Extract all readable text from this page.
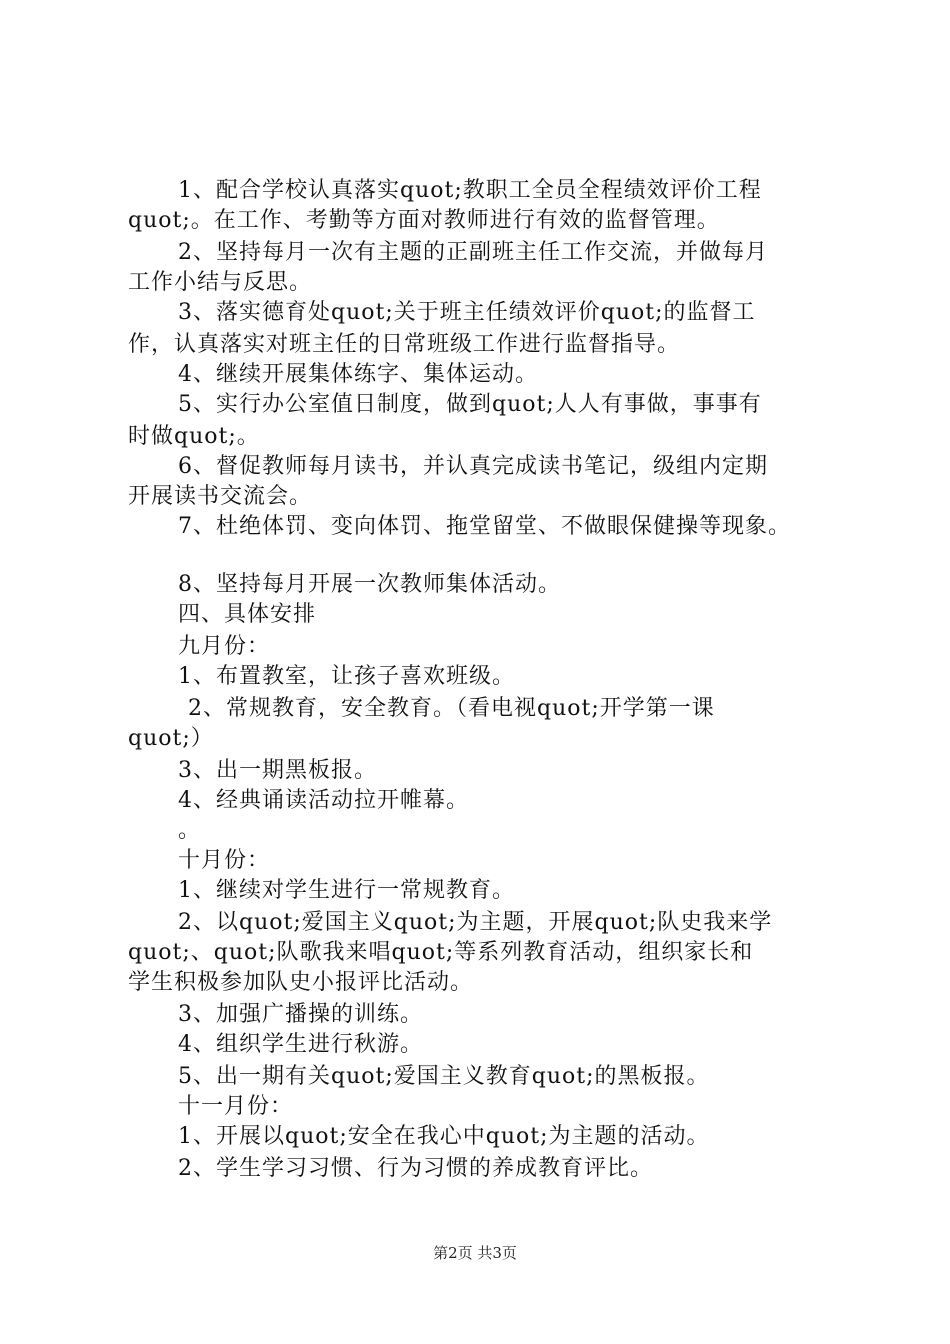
1、配合学校认真落实quot;教职工全员全程绩效评价工程
quot;。在工作、考勤等方面对教师进行有效的监督管理。
2、坚持每月一次有主题的正副班主任工作交流，并做每月
工作小结与反思。
3、落实德育处quot;关于班主任绩效评价quot;的监督工
作，认真落实对班主任的日常班级工作进行监督指导。
4、继续开展集体练字、集体运动。
5、实行办公室值日制度，做到quot;人人有事做，事事有
时做quot;。
6、督促教师每月读书，并认真完成读书笔记，级组内定期
开展读书交流会。
7、杜绝体罚、变向体罚、拖堂留堂、不做眼保健操等现象。
8、坚持每月开展一次教师集体活动。
四、具体安排
九月份：
1、布置教室，让孩子喜欢班级。
2、常规教育，安全教育。（看电视quot;开学第一课
quot;）
3、出一期黑板报。
4、经典诵读活动拉开帷幕。
。
十月份：
1、继续对学生进行一常规教育。
2、以quot;爱国主义quot;为主题，开展quot;队史我来学
quot;、quot;队歌我来唱quot;等系列教育活动，组织家长和
学生积极参加队史小报评比活动。
3、加强广播操的训练。
4、组织学生进行秋游。
5、出一期有关quot;爱国主义教育quot;的黑板报。
十一月份：
1、开展以quot;安全在我心中quot;为主题的活动。
2、学生学习习惯、行为习惯的养成教育评比。
第2页 共3页
